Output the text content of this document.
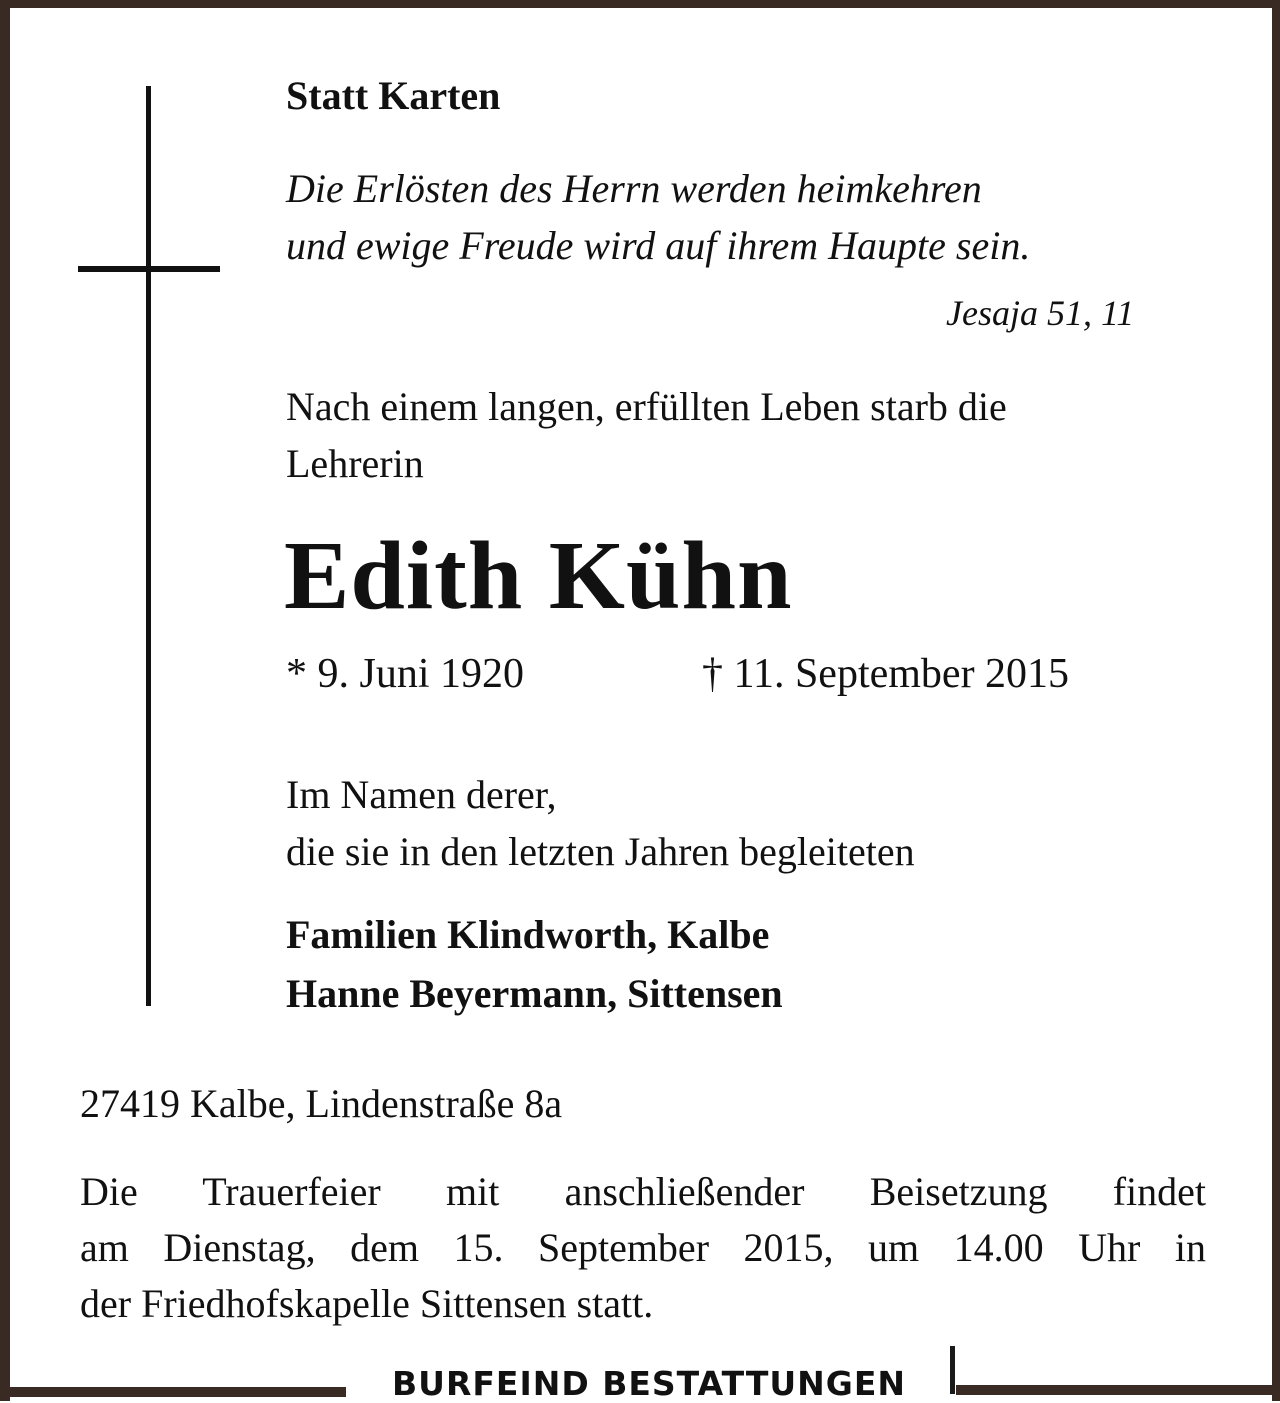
Statt Karten
Die Erlösten des Herrn werden heimkehren
und ewige Freude wird auf ihrem Haupte sein.
Jesaja 51, 11
Nach einem langen, erfüllten Leben starb die
Lehrerin
Edith Kühn
* 9. Juni 1920	† 11. September 2015
Im Namen derer,
die sie in den letzten Jahren begleiteten
Familien Klindworth, Kalbe
Hanne Beyermann, Sittensen
27419 Kalbe, Lindenstraße 8a
Die Trauerfeier mit anschließender Beisetzung findet
am Dienstag, dem 15. September 2015, um 14.00 Uhr in
der Friedhofskapelle Sittensen statt.
BURFEIND BESTATTUNGEN
